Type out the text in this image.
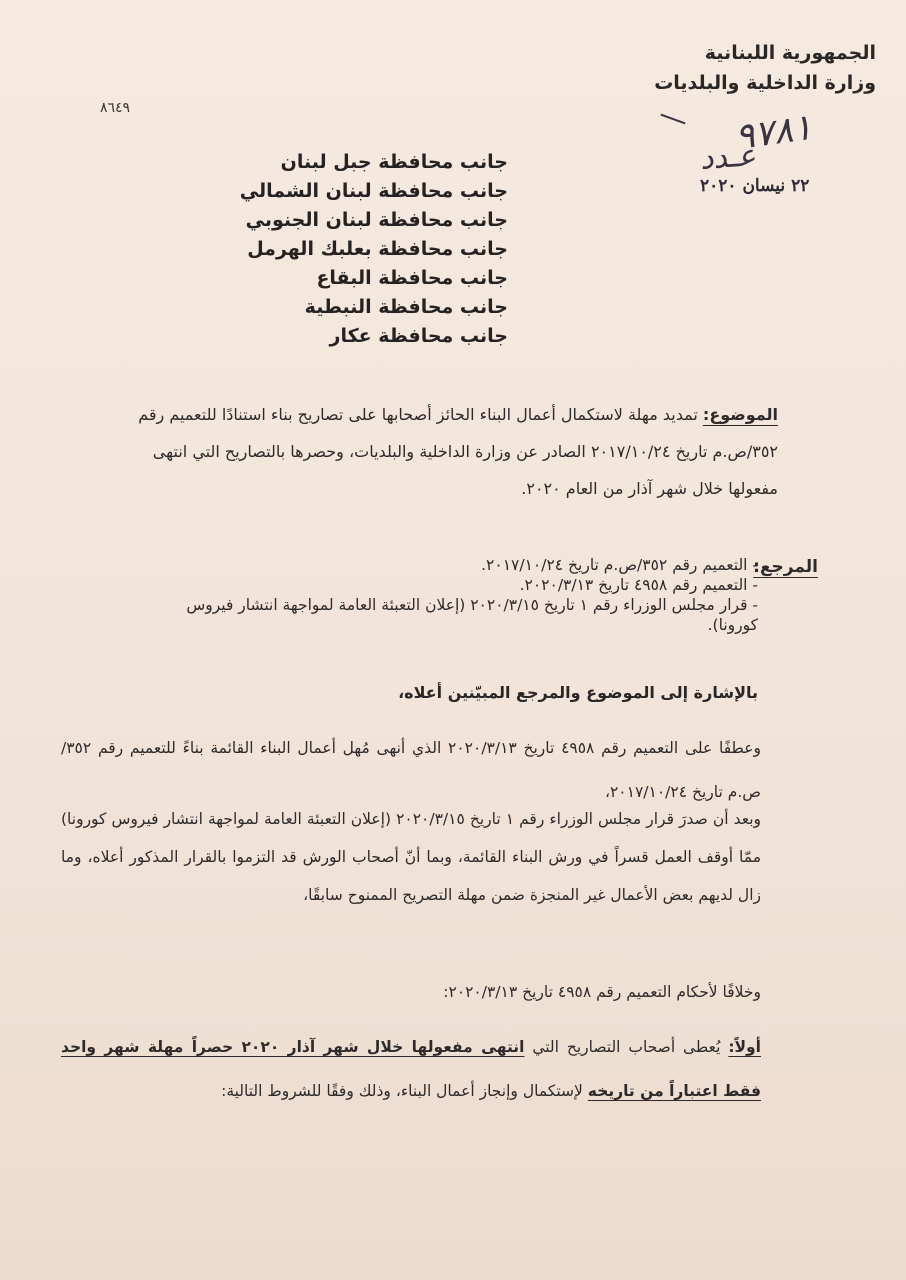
الجمهورية اللبنانية
وزارة الداخلية والبلديات
٨٦٤٩	٩٧٨١
عـدد
٢٢ نيسان ٢٠٢٠
جانب محافظة جبل لبنان
جانب محافظة لبنان الشمالي
جانب محافظة لبنان الجنوبي
جانب محافظة بعلبك الهرمل
جانب محافظة البقاع
جانب محافظة النبطية
جانب محافظة عكار
الموضوع: تمديد مهلة لاستكمال أعمال البناء الحائز أصحابها على تصاريح بناء استنادًا للتعميم رقم ٣٥٢/ص.م تاريخ ٢٠١٧/١٠/٢٤ الصادر عن وزارة الداخلية والبلديات، وحصرها بالتصاريح التي انتهى مفعولها خلال شهر آذار من العام ٢٠٢٠.
المرجع:
- التعميم رقم ٣٥٢/ص.م تاريخ ٢٠١٧/١٠/٢٤.
- التعميم رقم ٤٩٥٨ تاريخ ٢٠٢٠/٣/١٣.
- قرار مجلس الوزراء رقم ١ تاريخ ٢٠٢٠/٣/١٥ (إعلان التعبئة العامة لمواجهة انتشار فيروس كورونا).
بالإشارة إلى الموضوع والمرجع المبيّنين أعلاه،
وعطفًا على التعميم رقم ٤٩٥٨ تاريخ ٢٠٢٠/٣/١٣ الذي أنهى مُهل أعمال البناء القائمة بناءً للتعميم رقم ٣٥٢/ص.م تاريخ ٢٠١٧/١٠/٢٤،
وبعد أن صدرَ قرار مجلس الوزراء رقم ١ تاريخ ٢٠٢٠/٣/١٥ (إعلان التعبئة العامة لمواجهة انتشار فيروس كورونا) ممّا أوقف العمل قسراً في ورش البناء القائمة، وبما أنّ أصحاب الورش قد التزموا بالقرار المذكور أعلاه، وما زال لديهم بعض الأعمال غير المنجزة ضمن مهلة التصريح الممنوح سابقًا،
وخلافًا لأحكام التعميم رقم ٤٩٥٨ تاريخ ٢٠٢٠/٣/١٣:
أولاً: يُعطى أصحاب التصاريح التي انتهى مفعولها خلال شهر آذار ٢٠٢٠ حصراً مهلة شهر واحد فقط اعتباراً من تاريخه لإستكمال وإنجاز أعمال البناء، وذلك وفقًا للشروط التالية:
